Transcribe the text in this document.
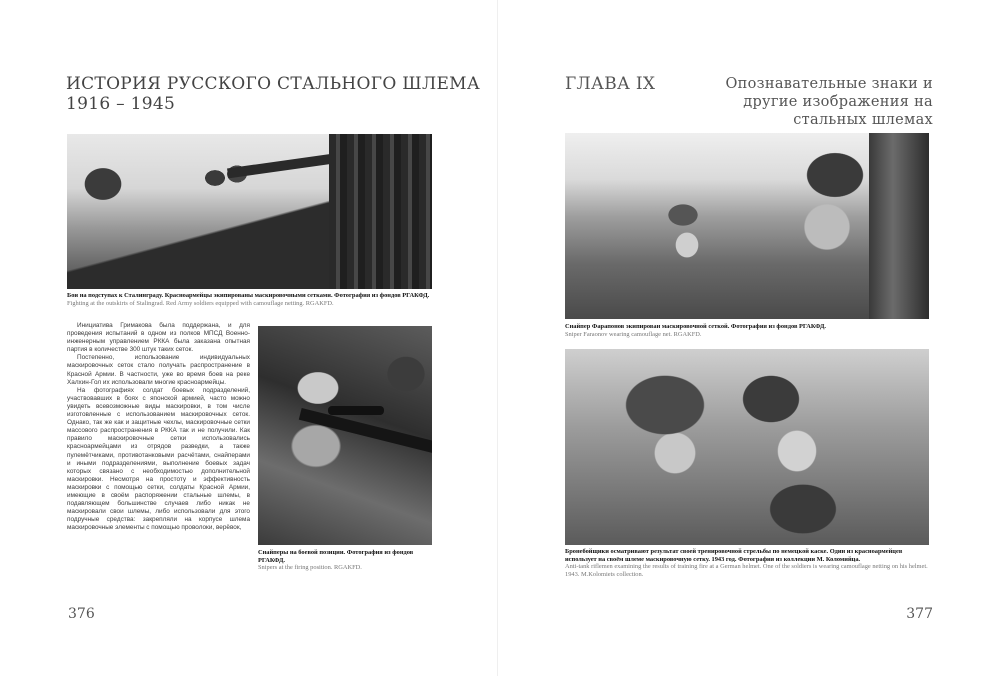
ИСТОРИЯ РУССКОГО СТАЛЬНОГО ШЛЕМА 1916 – 1945
Бои на подступах к Сталинграду. Красноармейцы экипированы маскировочными сетками. Фотография из фондов РГАКФД.
Fighting at the outskirts of Stalingrad. Red Army soldiers equipped with camouflage netting. RGAKFD.

Инициатива Гримакова была поддержана, и для проведения испытаний в одном из полков МПСД Военно-инженерным управлением РККА была заказана опытная партия в количестве 300 штук таких сеток.

Постепенно, использование индивидуальных маскировочных сеток стало получать распространение в Красной Армии. В частности, уже во время боев на реке Халхин-Гол их использовали многие красноармейцы.

На фотографиях солдат боевых подразделений, участвовавших в боях с японской армией, часто можно увидеть всевозможные виды маскировки, в том числе изготовленные с использованием маскировочных сеток. Однако, так же как и защитные чехлы, маскировочные сетки массового распространения в РККА так и не получили. Как правило маскировочные сетки использовались красноармейцами из отрядов разведки, а также пулемётчиками, противотанковыми расчётами, снайперами и иными подразделениями, выполнение боевых задач которых связано с необходимостью дополнительной маскировки. Несмотря на простоту и эффективность маскировки с помощью сетки, солдаты Красной Армии, имеющие в своём распоряжении стальные шлемы, в подавляющем большинстве случаев либо никак не маскировали свои шлемы, либо использовали для этого подручные средства: закрепляли на корпусе шлема маскировочные элементы с помощью проволоки, верёвок,

Снайперы на боевой позиции. Фотография из фондов РГАКФД.
Snipers at the firing position. RGAKFD.
376
ГЛАВА IX	Опознавательные знаки и другие изображения на стальных шлемах
Снайпер Фарапонов экипирован маскировочной сеткой. Фотография из фондов РГАКФД.
Sniper Faraonov wearing camouflage net. RGAKFD.
Бронебойщики осматривают результат своей тренировочной стрельбы по немецкой каске. Один из красноармейцев использует на своём шлеме маскировочную сетку. 1943 год. Фотография из коллекции М. Коломийца.
Anti-tank riflemen examining the results of training fire at a German helmet. One of the soldiers is wearing camouflage netting on his helmet. 1943. M.Kolomiets collection.
377
